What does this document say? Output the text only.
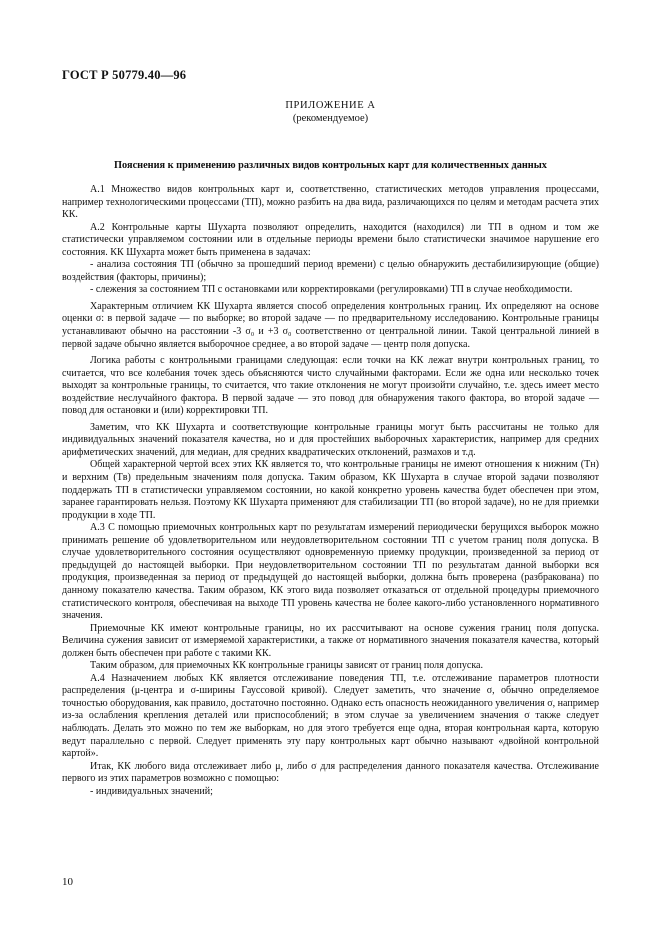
ГОСТ Р 50779.40—96
ПРИЛОЖЕНИЕ А
(рекомендуемое)
Пояснения к применению различных видов контрольных карт для количественных данных

А.1 Множество видов контрольных карт и, соответственно, статистических методов управления процессами, например технологическими процессами (ТП), можно разбить на два вида, различающихся по целям и методам расчета этих КК.

А.2 Контрольные карты Шухарта позволяют определить, находится (находился) ли ТП в одном и том же статистически управляемом состоянии или в отдельные периоды времени было статистически значимое нарушение его состояния. КК Шухарта может быть применена в задачах:

- анализа состояния ТП (обычно за прошедший период времени) с целью обнаружить дестабилизирующие (общие) воздействия (факторы, причины);

- слежения за состоянием ТП с остановками или корректировками (регулировками) ТП в случае необходимости.

Характерным отличием КК Шухарта является способ определения контрольных границ. Их определяют на основе оценки σ: в первой задаче — по выборке; во второй задаче — по предварительному исследованию. Контрольные границы устанавливают обычно на расстоянии -3 σ₀ и +3 σ₀ соответственно от центральной линии. Такой центральной линией в первой задаче обычно является выборочное среднее, а во второй задаче — центр поля допуска.

Логика работы с контрольными границами следующая: если точки на КК лежат внутри контрольных границ, то считается, что все колебания точек здесь объясняются чисто случайными факторами. Если же одна или несколько точек выходят за контрольные границы, то считается, что такие отклонения не могут произойти случайно, т.е. здесь имеет место воздействие неслучайного фактора. В первой задаче — это повод для обнаружения такого фактора, во второй задаче — повод для остановки и (или) корректировки ТП.

Заметим, что КК Шухарта и соответствующие контрольные границы могут быть рассчитаны не только для индивидуальных значений показателя качества, но и для простейших выборочных характеристик, например для средних арифметических значений, для медиан, для средних квадратических отклонений, размахов и т.д.

Общей характерной чертой всех этих КК является то, что контрольные границы не имеют отношения к нижним (Tн) и верхним (Tв) предельным значениям поля допуска. Таким образом, КК Шухарта в случае второй задачи позволяют поддержать ТП в статистически управляемом состоянии, но какой конкретно уровень качества будет обеспечен при этом, заранее гарантировать нельзя. Поэтому КК Шухарта применяют для стабилизации ТП (во второй задаче), но не для приемки продукции в ходе ТП.

А.3 С помощью приемочных контрольных карт по результатам измерений периодически берущихся выборок можно принимать решение об удовлетворительном или неудовлетворительном состоянии ТП с учетом границ поля допуска. В случае удовлетворительного состояния осуществляют одновременную приемку продукции, произведенной за период от предыдущей до настоящей выборки. При неудовлетворительном состоянии ТП по результатам данной выборки вся продукция, произведенная за период от предыдущей до настоящей выборки, должна быть проверена (разбракована) по данному показателю качества. Таким образом, КК этого вида позволяет отказаться от отдельной процедуры приемочного статистического контроля, обеспечивая на выходе ТП уровень качества не более какого-либо установленного нормативного значения.

Приемочные КК имеют контрольные границы, но их рассчитывают на основе сужения границ поля допуска. Величина сужения зависит от измеряемой характеристики, а также от нормативного значения показателя качества, который должен быть обеспечен при работе с такими КК.

Таким образом, для приемочных КК контрольные границы зависят от границ поля допуска.

А.4 Назначением любых КК является отслеживание поведения ТП, т.е. отслеживание параметров плотности распределения (μ-центра и σ-ширины Гауссовой кривой). Следует заметить, что значение σ, обычно определяемое точностью оборудования, как правило, достаточно постоянно. Однако есть опасность неожиданного увеличения σ, например из-за ослабления крепления деталей или приспособлений; в этом случае за увеличением значения σ также следует наблюдать. Делать это можно по тем же выборкам, но для этого требуется еще одна, вторая контрольная карта, которую ведут параллельно с первой. Следует применять эту пару контрольных карт обычно называют «двойной контрольной картой».

Итак, КК любого вида отслеживает либо μ, либо σ для распределения данного показателя качества. Отслеживание первого из этих параметров возможно с помощью:

- индивидуальных значений;

10
